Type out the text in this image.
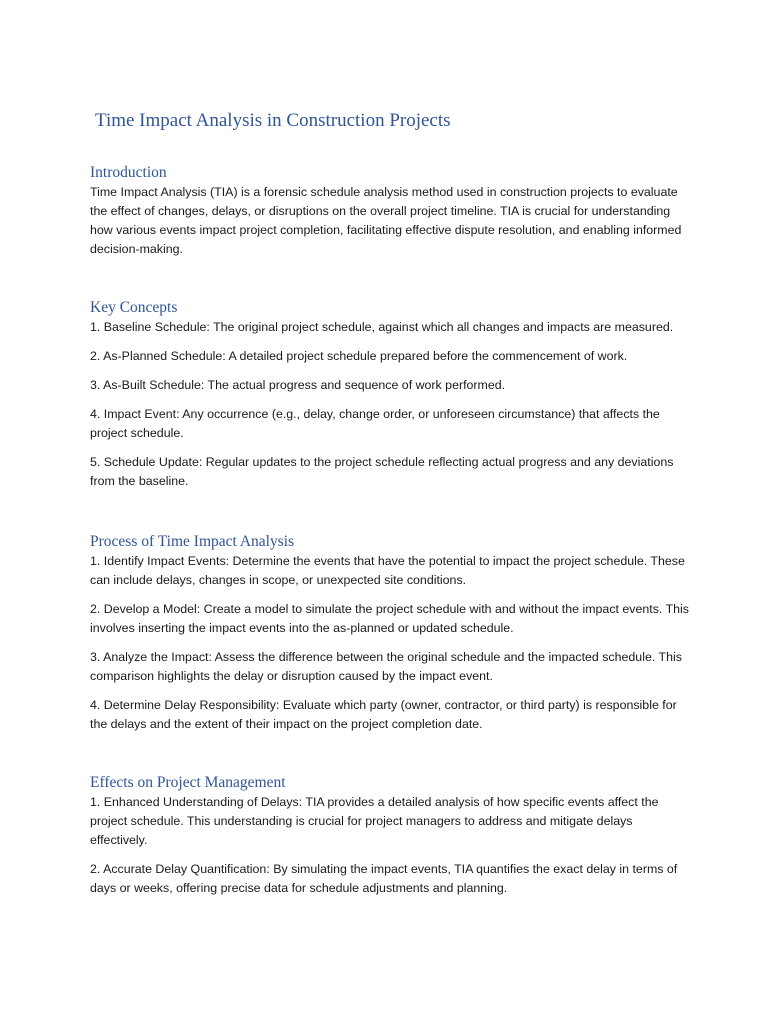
Time Impact Analysis in Construction Projects
Introduction

Time Impact Analysis (TIA) is a forensic schedule analysis method used in construction projects to evaluate the effect of changes, delays, or disruptions on the overall project timeline. TIA is crucial for understanding how various events impact project completion, facilitating effective dispute resolution, and enabling informed decision-making.

Key Concepts

1. Baseline Schedule: The original project schedule, against which all changes and impacts are measured.

2. As-Planned Schedule: A detailed project schedule prepared before the commencement of work.

3. As-Built Schedule: The actual progress and sequence of work performed.

4. Impact Event: Any occurrence (e.g., delay, change order, or unforeseen circumstance) that affects the project schedule.

5. Schedule Update: Regular updates to the project schedule reflecting actual progress and any deviations from the baseline.

Process of Time Impact Analysis

1. Identify Impact Events: Determine the events that have the potential to impact the project schedule. These can include delays, changes in scope, or unexpected site conditions.

2. Develop a Model: Create a model to simulate the project schedule with and without the impact events. This involves inserting the impact events into the as-planned or updated schedule.

3. Analyze the Impact: Assess the difference between the original schedule and the impacted schedule. This comparison highlights the delay or disruption caused by the impact event.

4. Determine Delay Responsibility: Evaluate which party (owner, contractor, or third party) is responsible for the delays and the extent of their impact on the project completion date.

Effects on Project Management

1. Enhanced Understanding of Delays: TIA provides a detailed analysis of how specific events affect the project schedule. This understanding is crucial for project managers to address and mitigate delays effectively.

2. Accurate Delay Quantification: By simulating the impact events, TIA quantifies the exact delay in terms of days or weeks, offering precise data for schedule adjustments and planning.
